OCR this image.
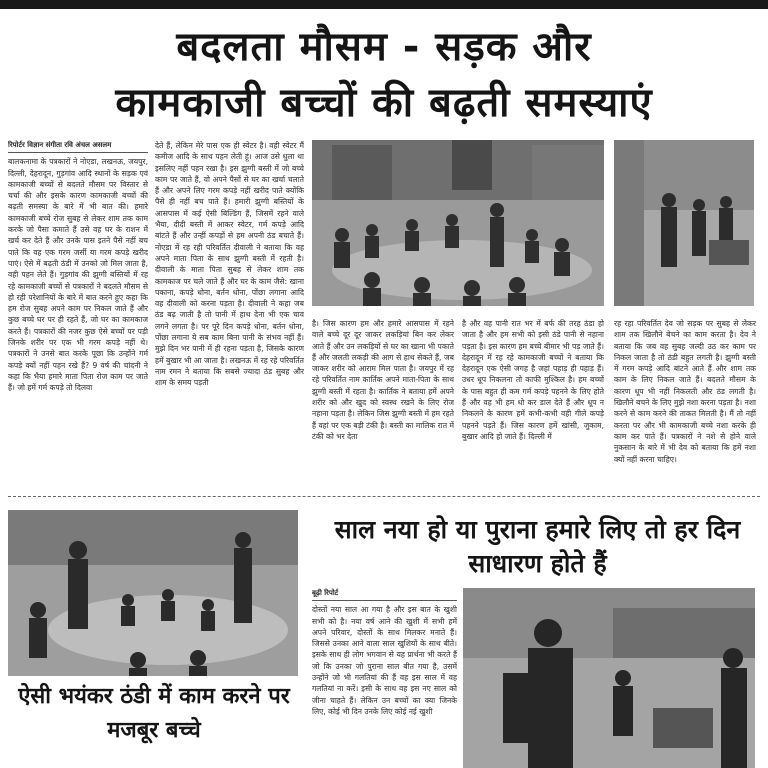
बदलता मौसम - सड़क और
कामकाजी बच्चों की बढ़ती समस्याएं
रिपोर्टर विज्ञान संगीता रवि अंचल असलम
बालकनामा के पत्रकारों ने नोएडा, लखनऊ, जयपुर, दिल्ली, देहरादून, गुड़गांव आदि स्थानों के सड़क एवं कामकाजी बच्चों से बदलते मौसम पर विस्तार से चर्चा की और इसके कारण कामकाजी बच्चों की बढ़ती समस्या के बारे में भी बात की। हमारे कामकाजी बच्चे रोज सुबह से लेकर शाम तक काम करके जो पैसा कमाते हैं उसे वह घर के राशन में खर्च कर देते हैं और उनके पास इतने पैसे नहीं बच पाते कि वह एक गरम जर्सी या गरम कपड़े खरीद पाएं। ऐसे में बढ़ती ठंडी में उनको जो मिल जाता है, वही पहन लेते हैं। गुड़गांव की झुग्गी बस्तियों में रह रहे कामकाजी बच्चों से पत्रकारों ने बदलते मौसम से हो रही परेशानियों के बारे में बात करने हुए कहा कि हम रोज सुबह अपने काम पर निकल जाते हैं और कुछ बच्चे घर पर ही रहते हैं, जो घर का कामकाज करते हैं। पत्रकारों की नजर कुछ ऐसे बच्चों पर पड़ी जिनके शरीर पर एक भी गरम कपड़े नहीं थे। पत्रकारों ने उनसे बात करके पूछा कि उन्होंने गर्म कपड़े क्यों नहीं पहन रखे हैं? 9 वर्ष की चांदनी ने कहा कि भैया हमारे माता पिता रोज काम पर जाते हैं। जो हमें गर्म कपड़े तो दिलवा
देते हैं, लेकिन मेरे पास एक ही स्वेटर है। वही स्वेटर मैं कमीज आदि के साथ पहन लेती हूं। आज उसे धुला था इसलिए नहीं पहन रखा है। इस झुग्गी बस्ती में जो बच्चे काम पर जाते हैं, वो अपने पैसों से घर का खर्चा चलाते हैं और अपने लिए गरम कपड़े नहीं खरीद पाते क्योंकि पैसे ही नहीं बच पाते हैं। हमारी झुग्गी बस्तियों के आसपास में कई ऐसी बिल्डिंग हैं, जिसमें रहने वाले भैया, दीदी बस्ती में आकर स्वेटर, गर्म कपड़े आदि बांटते हैं और उन्हीं कपड़ों से हम अपनी ठंड बचाते हैं। नोएडा में रह रही परिवर्तित दीवाली ने बताया कि वह अपने माता पिता के साथ झुग्गी बस्ती में रहती है। दीवाली के माता पिता सुबह से लेकर शाम तक कामकाज पर चले जाते हैं और घर के काम जैसे: खाना पकाना, कपड़े धोना, बर्तन धोना, पोंछा लगाना आदि वह दीवाली को करना पड़ता है। दीवाली ने कहा जब ठंड बढ़ जाती है तो पानी में हाथ देना भी एक चाव लगने लगता है। पर पूरे दिन कपड़े धोना, बर्तन धोना, पोंछा लगाना ये सब काम बिना पानी के संभव नहीं हैं। मुझे दिन भर पानी में ही रहना पड़ता है, जिसके कारण हमें बुखार भी आ जाता है। लखनऊ में रह रहे परिवर्तित नाम रमन ने बताया कि सबसे ज्यादा ठंड सुबह और शाम के समय पड़ती
है। जिस कारण हम और हमारे आसपास में रहने वाले बच्चे दूर दूर जाकर लकड़ियां बिन कर लेकर आते हैं और उन लकड़ियों से घर का खाना भी पकाते हैं और जलती लकड़ी की आग से हाथ सेकते हैं, जब जाकर शरीर को आराम मिल पाता है। जयपुर में रह रहे परिवर्तित नाम कार्तिक अपने माता-पिता के साथ झुग्गी बस्ती में रहता है। कार्तिक ने बताया हमें अपने शरीर को और खुद को स्वस्थ रखने के लिए रोज नहाना पड़ता है। लेकिन जिस झुग्गी बस्ती में हम रहते हैं वहां पर एक बड़ी टंकी है। बस्ती का मालिक रात में टंकी को भर देता
है और वह पानी रात भर में बर्फ की तरह ठंडा हो जाता है और हम सभी को इसी ठंडे पानी से नहाना पड़ता है। इस कारण हम बच्चे बीमार भी पड़ जाते हैं। देहरादून में रह रहे कामकाजी बच्चों ने बताया कि देहरादून एक ऐसी जगह है जहां पहाड़ ही पहाड़ हैं। उधर धूप निकलना तो काफी मुश्किल है। हम बच्चों के पास बहुत ही कम गर्म कपड़े पहनने के लिए होते हैं और वह भी हम धो कर डाल देते हैं और धूप न निकलने के कारण हमें कभी-कभी वही गीले कपड़े पहनने पड़ते हैं। जिस कारण हमें खांसी, जुकाम, बुखार आदि हो जाते हैं। दिल्ली में
रह रहा परिवर्तित देव जो सड़क पर सुबह से लेकर शाम तक खिलौने बेचने का काम करता है। देव ने बताया कि जब वह सुबह जल्दी उठ कर काम पर निकल जाता है तो ठंडी बहुत लगती है। झुग्गी बस्ती में गरम कपड़े आदि बांटने आते हैं और शाम तक काम के लिए निकल जाते हैं। बदलते मौसम के कारण धूप भी नहीं निकलती और ठंड लगती है। खिलौने बचने के लिए मुझे नशा करना पड़ता है। नशा करने से काम करने की ताकत मिलती है। मैं तो नहीं करता पर और भी कामकाजी बच्चे नशा करके ही काम कर पाते हैं। पत्रकारों ने नशे से होने वाले नुकसान के बारे में भी देव को बताया कि हमें नशा क्यों नहीं करना चाहिए।
ऐसी भयंकर ठंडी में काम करने पर मजबूर बच्चे
साल नया हो या पुराना हमारे लिए तो हर दिन साधारण होते हैं
बूढ़ी रिपोर्ट
दोस्तों नया साल आ गया है और इस बात के खुशी सभी को है। नया वर्ष आने की खुशी में सभी हमें अपने परिवार, दोस्तों के साथ मिलकर मनाते हैं। जिससे उनका आने वाला साल खुशियों के साथ बीते। इसके साथ ही लोग भगवान से यह प्रार्थना भी करते हैं जो कि उनका जो पुराना साल बीत गया है, उसमें उन्होंने जो भी गलतियां की हैं वह इस साल में वह गलतियां ना करें। इसी के साथ वह इस नए साल को जीना चाहते हैं। लेकिन उन बच्चों का क्या जिनके लिए, कोई भी दिन उनके लिए कोई नई खुशी
